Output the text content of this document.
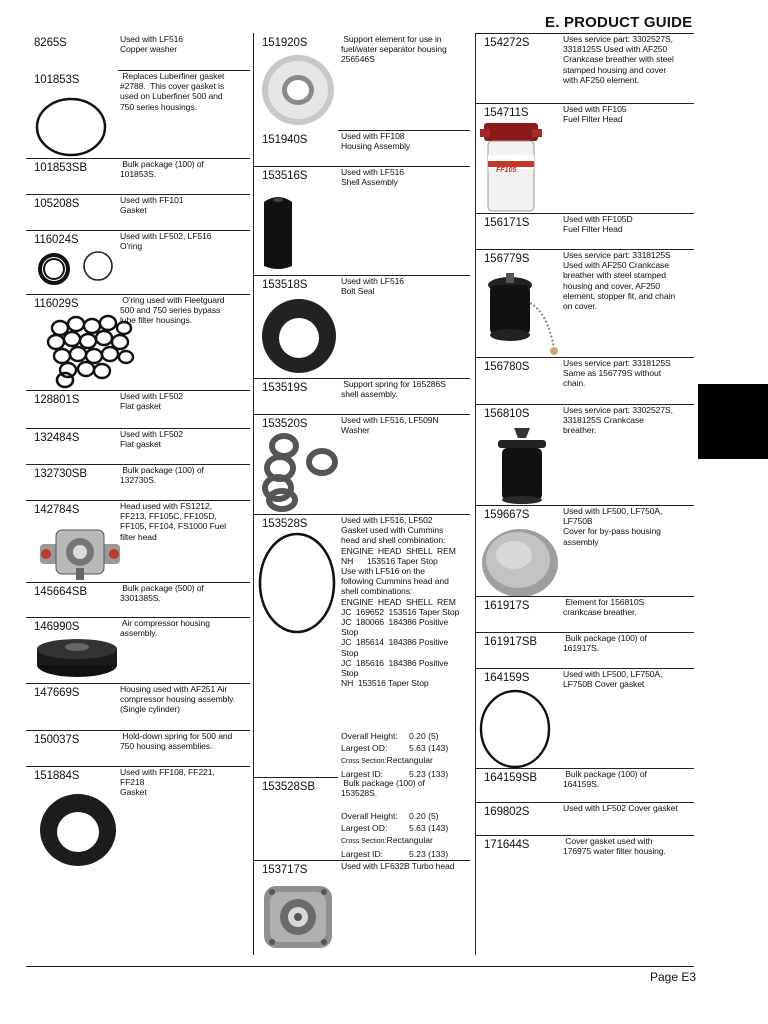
E. PRODUCT GUIDE
Page E3
8265S	Used with LF516
Copper washer
101853S	Replaces Luberfiner gasket
#2788.  This cover gasket is
used on Luberfiner 500 and
750 series housings.
101853SB	Bulk package (100) of
101853S.
105208S	Used with FF101
Gasket
116024S	Used with LF502, LF516
O'ring
116029S	O'ring used with Fleetguard
500 and 750 series bypass
lube filter housings.
128801S	Used with LF502
Flat gasket
132484S	Used with LF502
Flat gasket
132730SB	Bulk package (100) of
132730S.
142784S	Head used with FS1212,
FF213, FF105C, FF105D,
FF105, FF104, FS1000 Fuel
filter head
145664SB	Bulk package (500) of
3301385S.
146990S	Air compressor housing
assembly.
147669S	Housing used with AF251 Air
compressor housing assembly.
(Single cylinder)
150037S	Hold-down spring for 500 and
750 housing assemblies.
151884S	Used with FF108, FF221,
FF218
Gasket
151920S	Support element for use in
fuel/water separator housing
256546S
151940S	Used with FF108
Housing Assembly
153516S	Used with LF516
Shell Assembly
153518S	Used with LF516
Bolt Seal
153519S	Support spring for 165286S
shell assembly.
153520S	Used with LF516, LF509N
Washer
153528S	Used with LF516, LF502
Gasket used with Cummins
head and shell combination:
ENGINE  HEAD  SHELL  REM
NH      153516 Taper Stop
Use with LF516 on the
following Cummins head and
shell combinations:
ENGINE  HEAD  SHELL  REM
JC  169652  153516 Taper Stop
JC  180066  184386 Positive
Stop
JC  185614  184386 Positive
Stop
JC  185616  184386 Positive
Stop
NH  153516 Taper Stop
Overall Height: 0.20 (5)
Largest OD:	5.63 (143)
Cross Section:Rectangular
Largest ID:	5.23 (133)
153528SB	Bulk package (100) of
153528S.
Overall Height: 0.20 (5)
Largest OD:	5.63 (143)
Cross Section:Rectangular
Largest ID:	5.23 (133)
153717S	Used with LF632B Turbo head
154272S	Uses service part: 3302527S,
3318125S Used with AF250
Crankcase breather with steel
stamped housing and cover
with AF250 element.
154711S	Used with FF105
Fuel Filter Head
FF105
156171S	Used with FF105D
Fuel Filter Head
156779S	Uses service part: 3318125S
Used with AF250 Crankcase
breather with steel stamped
housing and cover, AF250
element, stopper fit, and chain
on cover.
156780S	Uses service part: 3318125S
Same as 156779S without
chain.
156810S	Uses service part: 3302527S,
3318125S Crankcase
breather.
159667S	Used with LF500, LF750A,
LF750B
Cover for by-pass housing
assembly
161917S	Element for 156810S
crankcase breather.
161917SB	Bulk package (100) of
161917S.
164159S	Used with LF500, LF750A,
LF750B Cover gasket
164159SB	Bulk package (100) of
164159S.
169802S	Used with LF502 Cover gasket
171644S	Cover gasket used with
176975 water filter housing.
